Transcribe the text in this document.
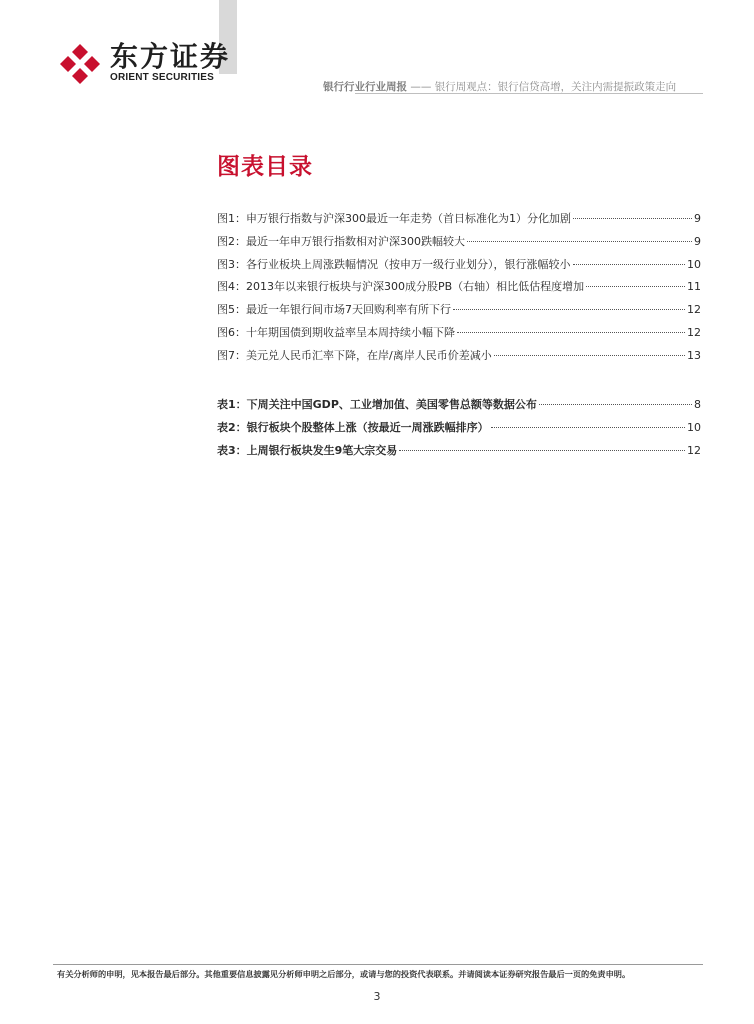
东方证券
ORIENT SECURITIES
银行行业行业周报 —— 银行周观点：银行信贷高增，关注内需提振政策走向
图表目录
图1：申万银行指数与沪深300最近一年走势（首日标准化为1）分化加剧	9
图2：最近一年申万银行指数相对沪深300跌幅较大	9
图3：各行业板块上周涨跌幅情况（按申万一级行业划分），银行涨幅较小	10
图4：2013年以来银行板块与沪深300成分股PB（右轴）相比低估程度增加	11
图5：最近一年银行间市场7天回购利率有所下行	12
图6：十年期国债到期收益率呈本周持续小幅下降	12
图7：美元兑人民币汇率下降，在岸/离岸人民币价差减小	13
表1：下周关注中国GDP、工业增加值、美国零售总额等数据公布	8
表2：银行板块个股整体上涨（按最近一周涨跌幅排序）	10
表3：上周银行板块发生9笔大宗交易	12
有关分析师的申明，见本报告最后部分。其他重要信息披露见分析师申明之后部分，或请与您的投资代表联系。并请阅读本证券研究报告最后一页的免责申明。
3
